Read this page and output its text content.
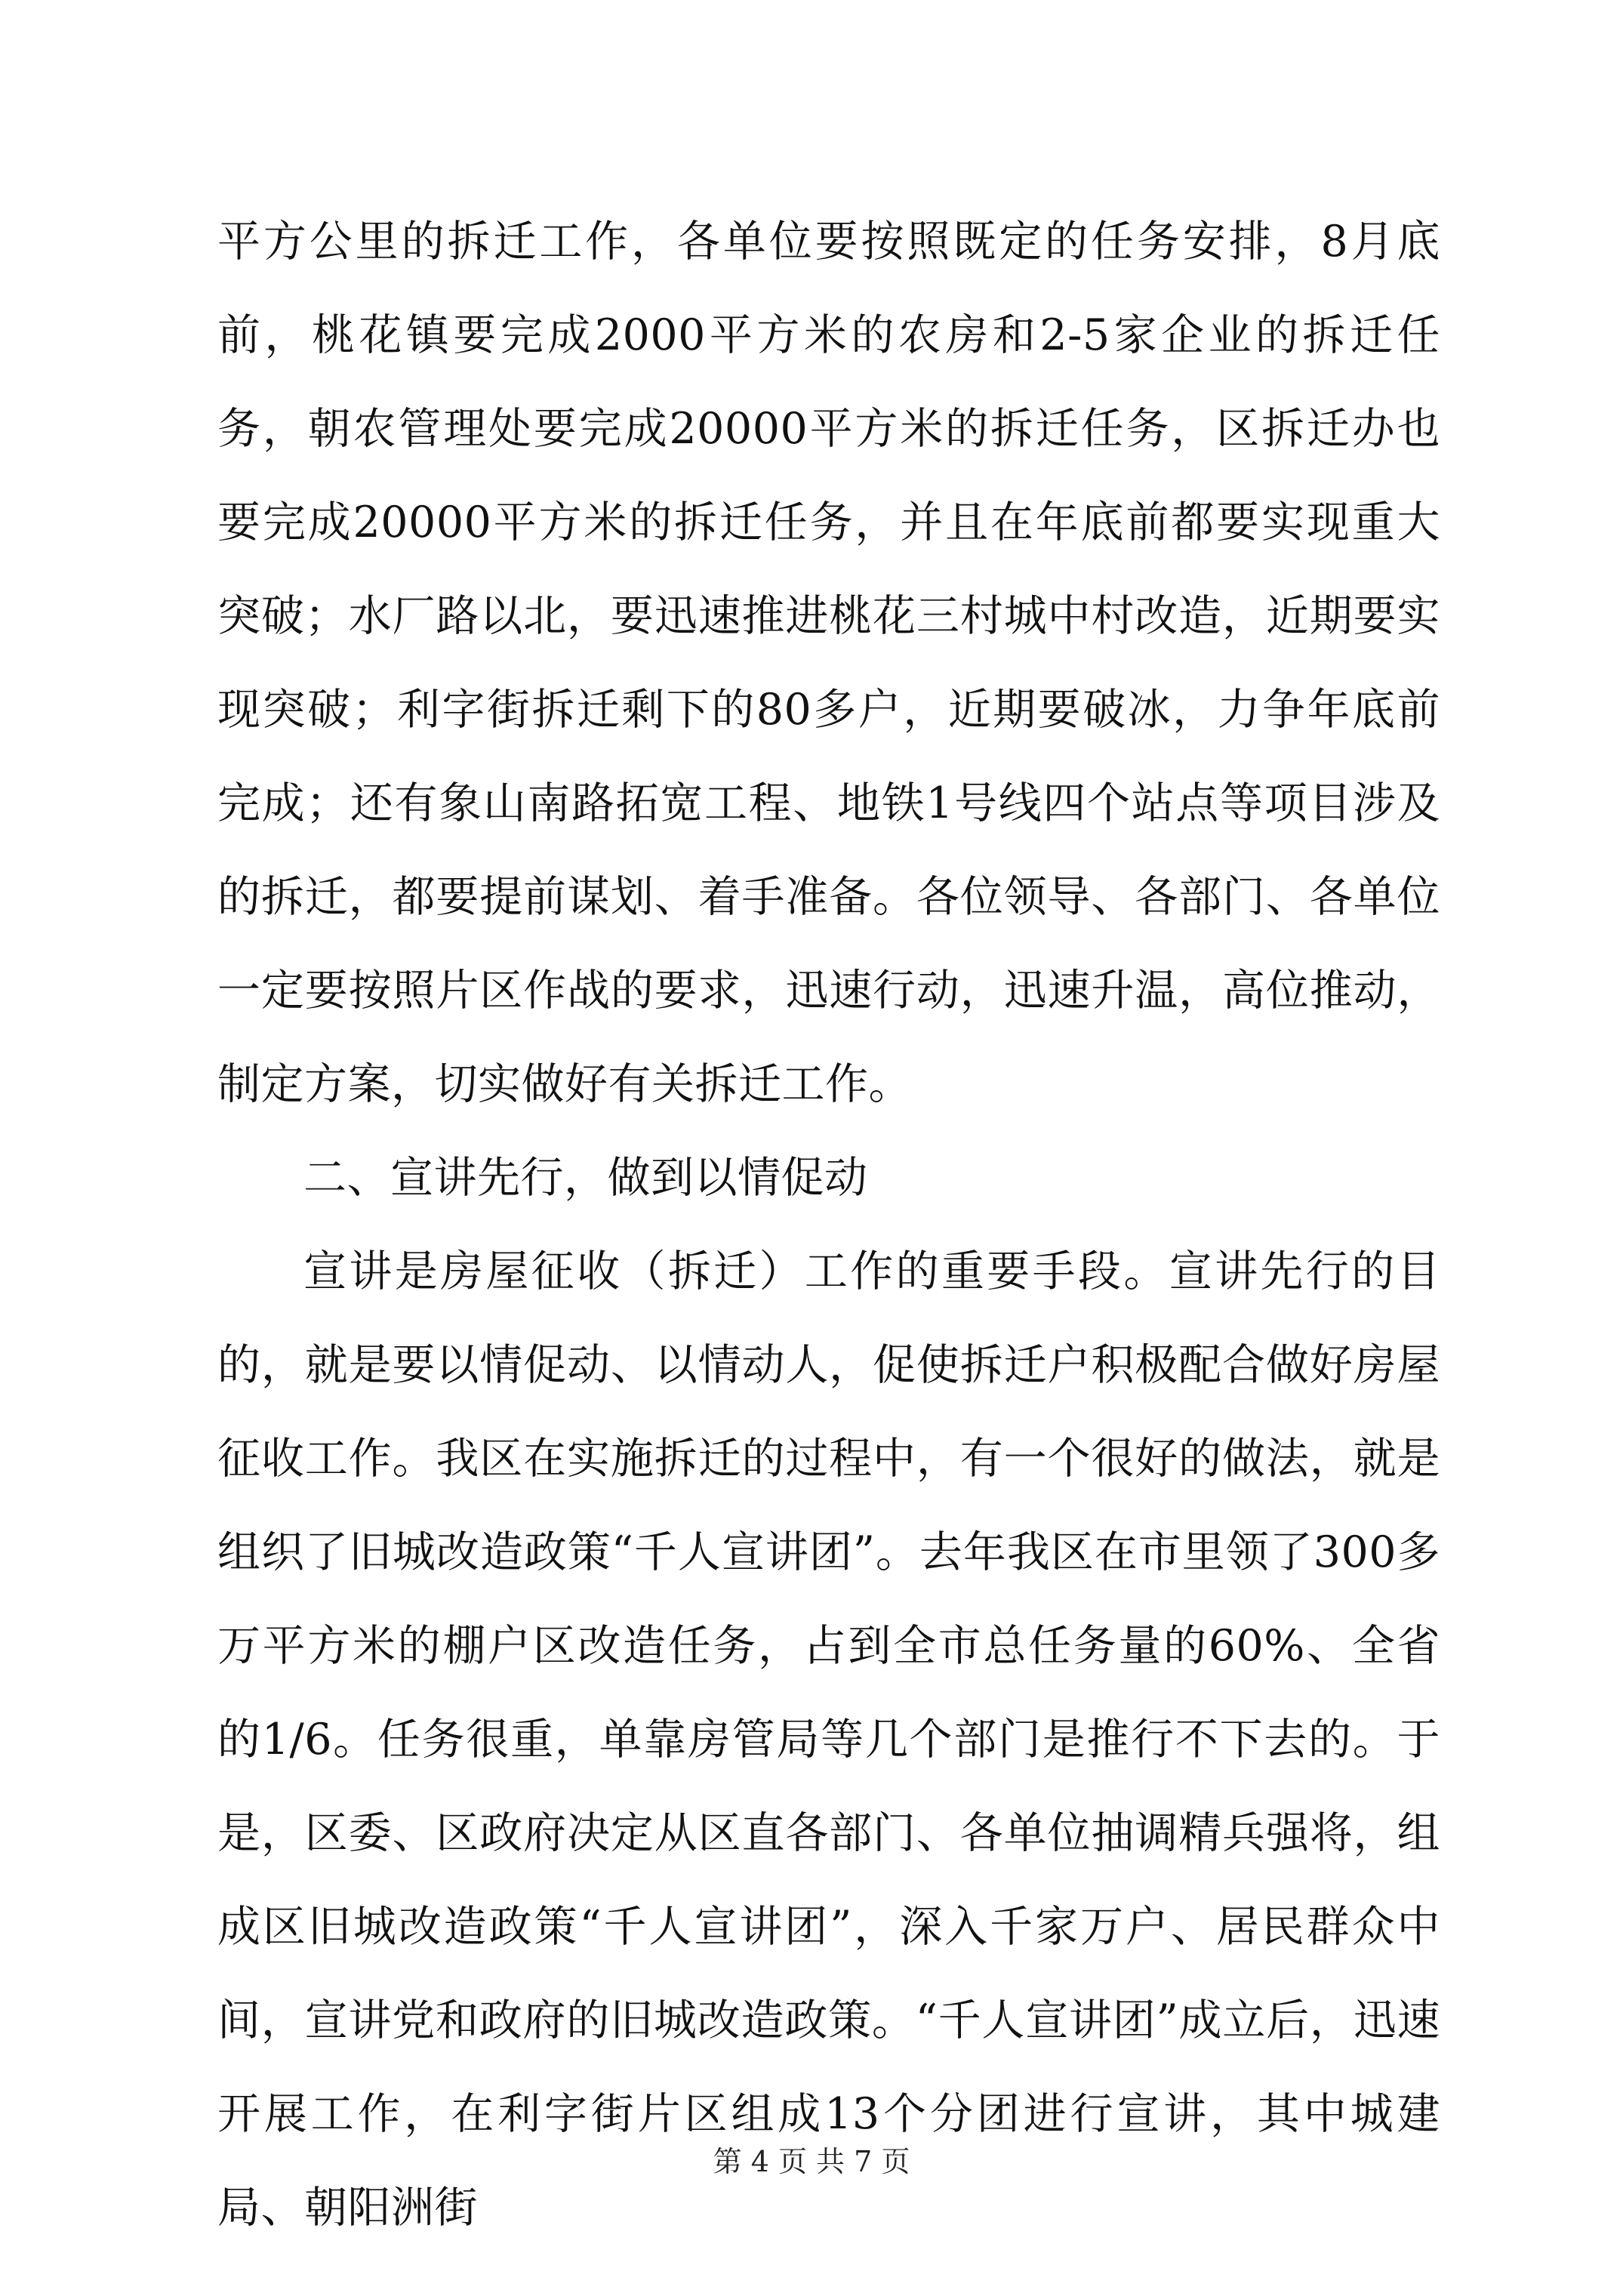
平方公里的拆迁工作，各单位要按照既定的任务安排，8月底前，桃花镇要完成2000平方米的农房和2-5家企业的拆迁任务，朝农管理处要完成20000平方米的拆迁任务，区拆迁办也要完成20000平方米的拆迁任务，并且在年底前都要实现重大突破；水厂路以北，要迅速推进桃花三村城中村改造，近期要实现突破；利字街拆迁剩下的80多户，近期要破冰，力争年底前完成；还有象山南路拓宽工程、地铁1号线四个站点等项目涉及的拆迁，都要提前谋划、着手准备。各位领导、各部门、各单位一定要按照片区作战的要求，迅速行动，迅速升温，高位推动，制定方案，切实做好有关拆迁工作。

二、宣讲先行，做到以情促动

宣讲是房屋征收（拆迁）工作的重要手段。宣讲先行的目的，就是要以情促动、以情动人，促使拆迁户积极配合做好房屋征收工作。我区在实施拆迁的过程中，有一个很好的做法，就是组织了旧城改造政策“千人宣讲团”。去年我区在市里领了300多万平方米的棚户区改造任务，占到全市总任务量的60%、全省的1/6。任务很重，单靠房管局等几个部门是推行不下去的。于是，区委、区政府决定从区直各部门、各单位抽调精兵强将，组成区旧城改造政策“千人宣讲团”，深入千家万户、居民群众中间，宣讲党和政府的旧城改造政策。“千人宣讲团”成立后，迅速开展工作，在利字街片区组成13个分团进行宣讲，其中城建局、朝阳洲街

第 4 页 共 7 页
